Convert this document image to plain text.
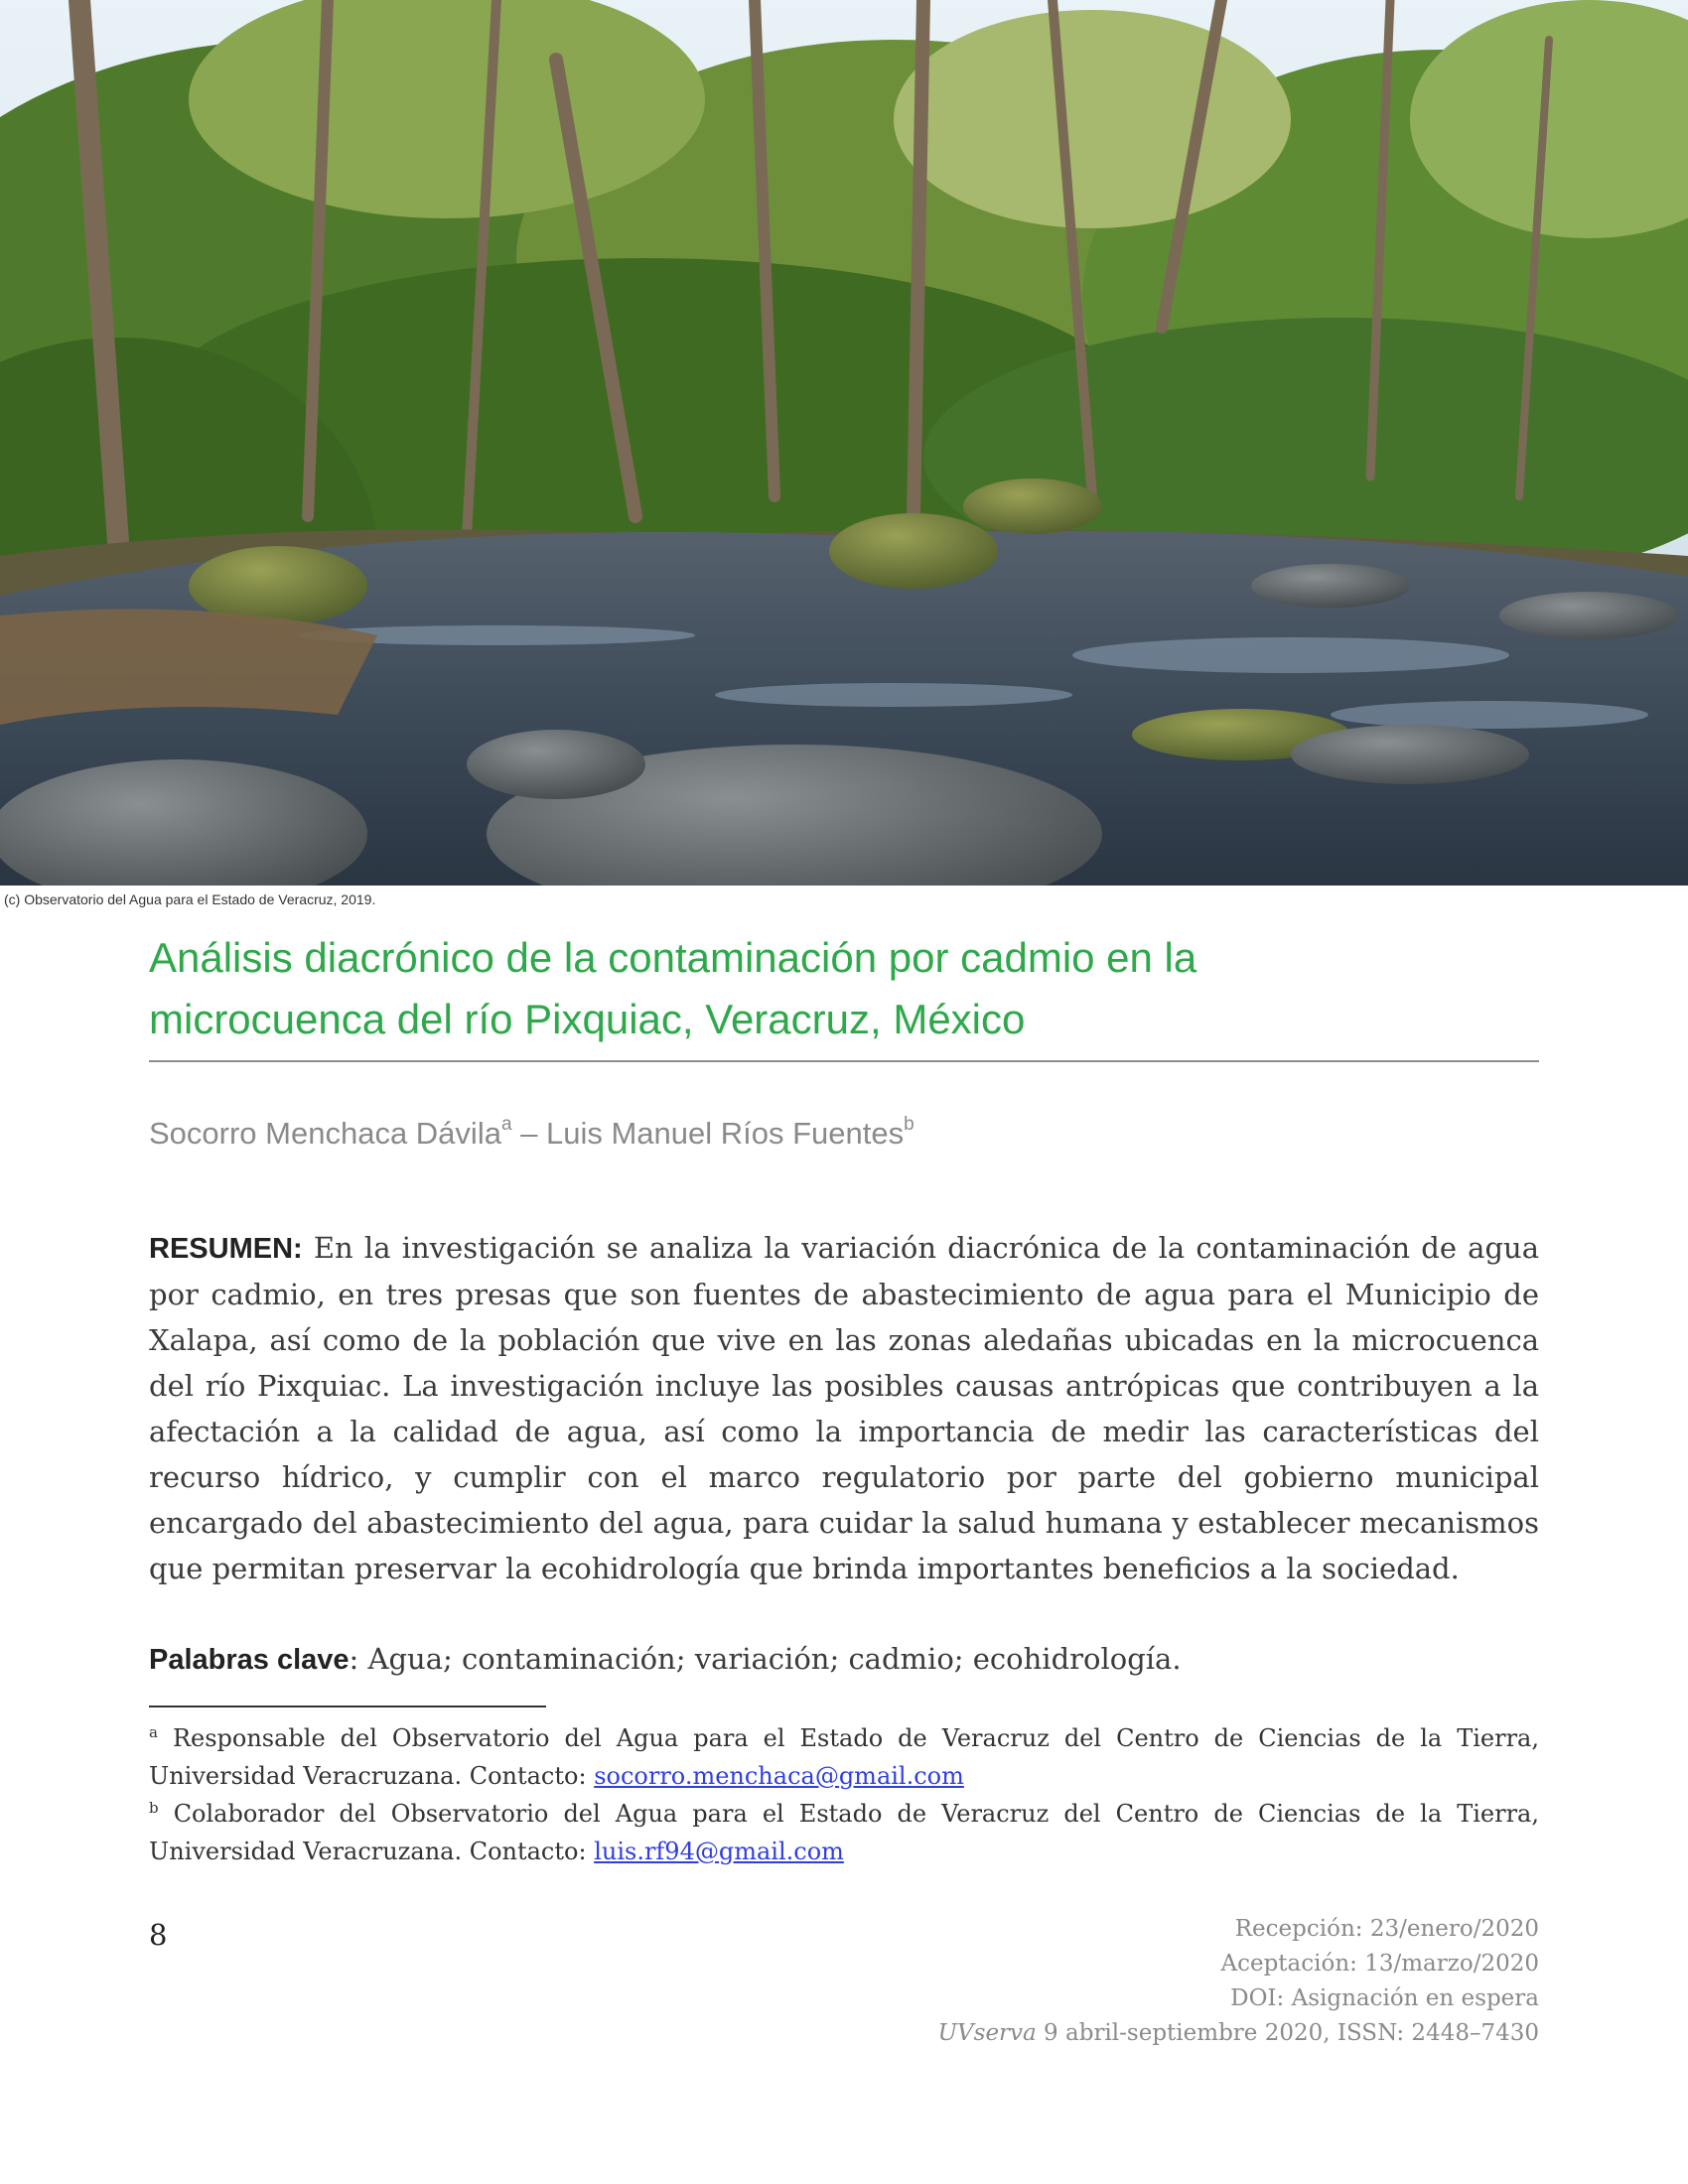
(c) Observatorio del Agua para el Estado de Veracruz, 2019.
Análisis diacrónico de la contaminación por cadmio en la
microcuenca del río Pixquiac, Veracruz, México
Socorro Menchaca Dávila$^a$ – Luis Manuel Ríos Fuentes$^b$

RESUMEN: En la investigación se analiza la variación diacrónica de la contaminación de agua por cadmio, en tres presas que son fuentes de abastecimiento de agua para el Municipio de Xalapa, así como de la población que vive en las zonas aledañas ubicadas en la microcuenca del río Pixquiac. La investigación incluye las posibles causas antrópicas que contribuyen a la afectación a la calidad de agua, así como la importancia de medir las características del recurso hídrico, y cumplir con el marco regulatorio por parte del gobierno municipal encargado del abastecimiento del agua, para cuidar la salud humana y establecer mecanismos que permitan preservar la ecohidrología que brinda importantes beneficios a la sociedad.

Palabras clave: Agua; contaminación; variación; cadmio; ecohidrología.

$^a$ Responsable del Observatorio del Agua para el Estado de Veracruz del Centro de Ciencias de la Tierra, Universidad Veracruzana. Contacto: socorro.menchaca@gmail.com

$^b$ Colaborador del Observatorio del Agua para el Estado de Veracruz del Centro de Ciencias de la Tierra, Universidad Veracruzana. Contacto: luis.rf94@gmail.com

8	Recepción: 23/enero/2020
Aceptación: 13/marzo/2020
DOI: Asignación en espera
UVserva 9 abril-septiembre 2020, ISSN: 2448–7430
